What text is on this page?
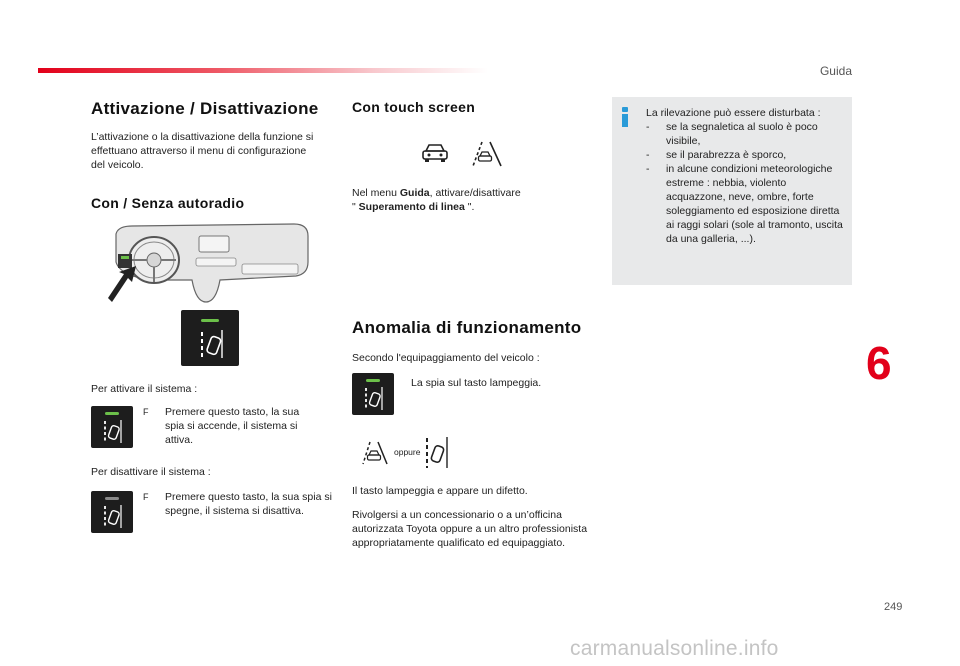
Guida
Attivazione / Disattivazione
L’attivazione o la disattivazione della funzione si effettuano attraverso il menu di configurazione del veicolo.
Con / Senza autoradio
Per attivare il sistema :
F	Premere questo tasto, la sua spia si accende, il sistema si attiva.
Per disattivare il sistema :
F	Premere questo tasto, la sua spia si spegne, il sistema si disattiva.
Con touch screen
Nel menu Guida, attivare/disattivare
" Superamento di linea ".
Anomalia di funzionamento
Secondo l'equipaggiamento del veicolo :
La spia sul tasto lampeggia.
oppure
Il tasto lampeggia e appare un difetto.
Rivolgersi a un concessionario o a un’officina autorizzata Toyota oppure a un altro professionista appropriatamente qualificato ed equipaggiato.
La rilevazione può essere disturbata :
- se la segnaletica al suolo è poco visibile,
- se il parabrezza è sporco,
- in alcune condizioni meteorologiche estreme : nebbia, violento acquazzone, neve, ombre, forte soleggiamento ed esposizione diretta ai raggi solari (sole al tramonto, uscita da una galleria, ...).
6
249
carmanualsonline.info
